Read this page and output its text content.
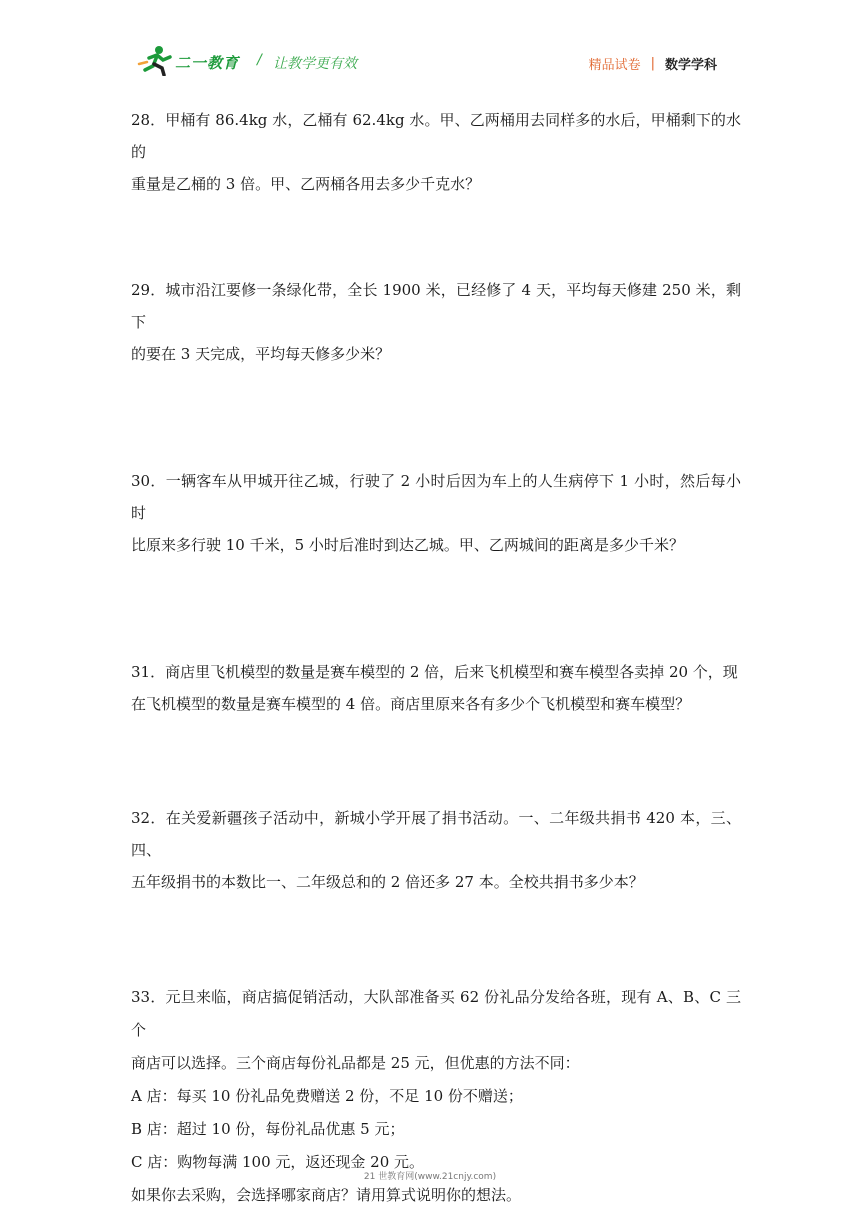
二一教育 / 让教学更有效	精品试卷 | 数学学科

28．甲桶有 86.4kg 水，乙桶有 62.4kg 水。甲、乙两桶用去同样多的水后，甲桶剩下的水的

重量是乙桶的 3 倍。甲、乙两桶各用去多少千克水？

29．城市沿江要修一条绿化带，全长 1900 米，已经修了 4 天，平均每天修建 250 米，剩下

的要在 3 天完成，平均每天修多少米？

30．一辆客车从甲城开往乙城，行驶了 2 小时后因为车上的人生病停下 1 小时，然后每小时

比原来多行驶 10 千米，5 小时后准时到达乙城。甲、乙两城间的距离是多少千米？

31．商店里飞机模型的数量是赛车模型的 2 倍，后来飞机模型和赛车模型各卖掉 20 个，现

在飞机模型的数量是赛车模型的 4 倍。商店里原来各有多少个飞机模型和赛车模型？

32．在关爱新疆孩子活动中，新城小学开展了捐书活动。一、二年级共捐书 420 本，三、四、

五年级捐书的本数比一、二年级总和的 2 倍还多 27 本。全校共捐书多少本？

33．元旦来临，商店搞促销活动，大队部准备买 62 份礼品分发给各班，现有 A、B、C 三个

商店可以选择。三个商店每份礼品都是 25 元，但优惠的方法不同：

A 店：每买 10 份礼品免费赠送 2 份，不足 10 份不赠送；

B 店：超过 10 份，每份礼品优惠 5 元；

C 店：购物每满 100 元，返还现金 20 元。

如果你去采购，会选择哪家商店？请用算式说明你的想法。

21 世教育网(www.21cnjy.com)
